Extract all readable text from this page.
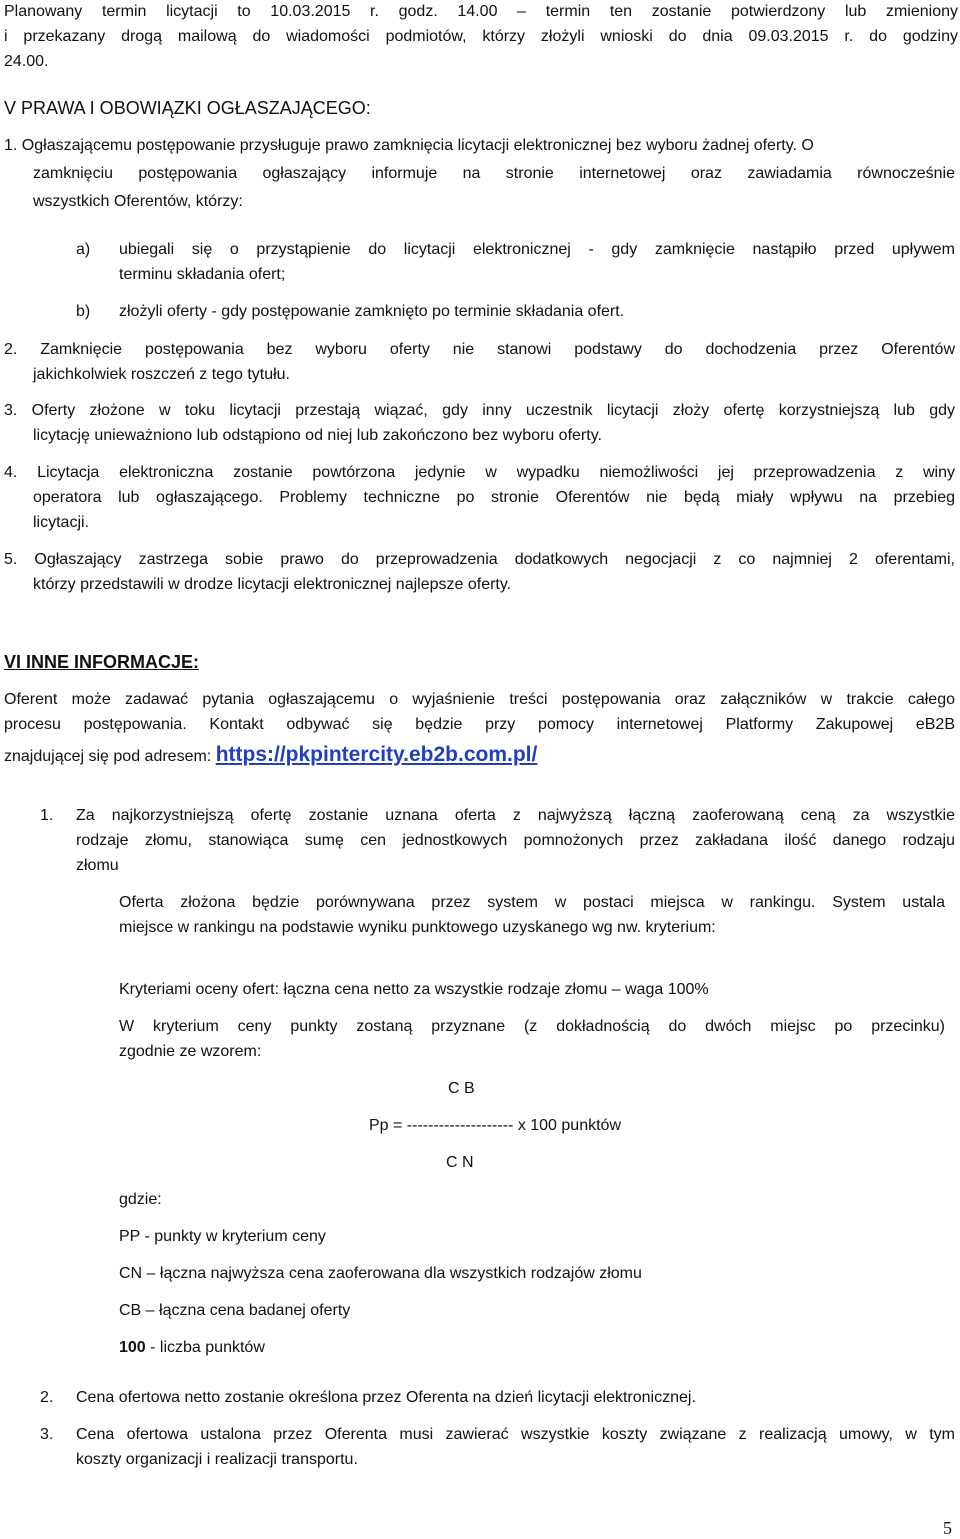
Planowany termin licytacji to 10.03.2015 r. godz. 14.00 – termin ten zostanie potwierdzony lub zmieniony
i przekazany drogą mailową do wiadomości podmiotów, którzy złożyli wnioski do dnia 09.03.2015 r. do godziny
24.00.
V PRAWA I OBOWIĄZKI OGŁASZAJĄCEGO:
1. Ogłaszającemu postępowanie przysługuje prawo zamknięcia licytacji elektronicznej bez wyboru żadnej oferty. O
zamknięciu postępowania ogłaszający informuje na stronie internetowej oraz zawiadamia równocześnie
wszystkich Oferentów, którzy:
a) ubiegali się o przystąpienie do licytacji elektronicznej - gdy zamknięcie nastąpiło przed upływem
terminu składania ofert;
b) złożyli oferty - gdy postępowanie zamknięto po terminie składania ofert.
2. Zamknięcie postępowania bez wyboru oferty nie stanowi podstawy do dochodzenia przez Oferentów
jakichkolwiek roszczeń z tego tytułu.
3. Oferty złożone w toku licytacji przestają wiązać, gdy inny uczestnik licytacji złoży ofertę korzystniejszą lub gdy
licytację unieważniono lub odstąpiono od niej lub zakończono bez wyboru oferty.
4. Licytacja elektroniczna zostanie powtórzona jedynie w wypadku niemożliwości jej przeprowadzenia z winy
operatora lub ogłaszającego. Problemy techniczne po stronie Oferentów nie będą miały wpływu na przebieg
licytacji.
5. Ogłaszający zastrzega sobie prawo do przeprowadzenia dodatkowych negocjacji z co najmniej 2 oferentami,
którzy przedstawili w drodze licytacji elektronicznej najlepsze oferty.
VI INNE INFORMACJE:
Oferent może zadawać pytania ogłaszającemu o wyjaśnienie treści postępowania oraz załączników w trakcie całego
procesu postępowania. Kontakt odbywać się będzie przy pomocy internetowej Platformy Zakupowej eB2B
znajdującej się pod adresem: https://pkpintercity.eb2b.com.pl/
1. Za najkorzystniejszą ofertę zostanie uznana oferta z najwyższą łączną zaoferowaną ceną za wszystkie
rodzaje złomu, stanowiąca sumę cen jednostkowych pomnożonych przez zakładana ilość danego rodzaju
złomu
Oferta złożona będzie porównywana przez system w postaci miejsca w rankingu. System ustala
miejsce w rankingu na podstawie wyniku punktowego uzyskanego wg nw. kryterium:
Kryteriami oceny ofert: łączna cena netto za wszystkie rodzaje złomu – waga 100%
W kryterium ceny punkty zostaną przyznane (z dokładnością do dwóch miejsc po przecinku)
zgodnie ze wzorem:
C B
Pp = -------------------- x 100 punktów
C N
gdzie:
PP - punkty w kryterium ceny
CN – łączna najwyższa cena zaoferowana dla wszystkich rodzajów złomu
CB – łączna cena badanej oferty
100 - liczba punktów
2. Cena ofertowa netto zostanie określona przez Oferenta na dzień licytacji elektronicznej.
3. Cena ofertowa ustalona przez Oferenta musi zawierać wszystkie koszty związane z realizacją umowy, w tym
koszty organizacji i realizacji transportu.
5
